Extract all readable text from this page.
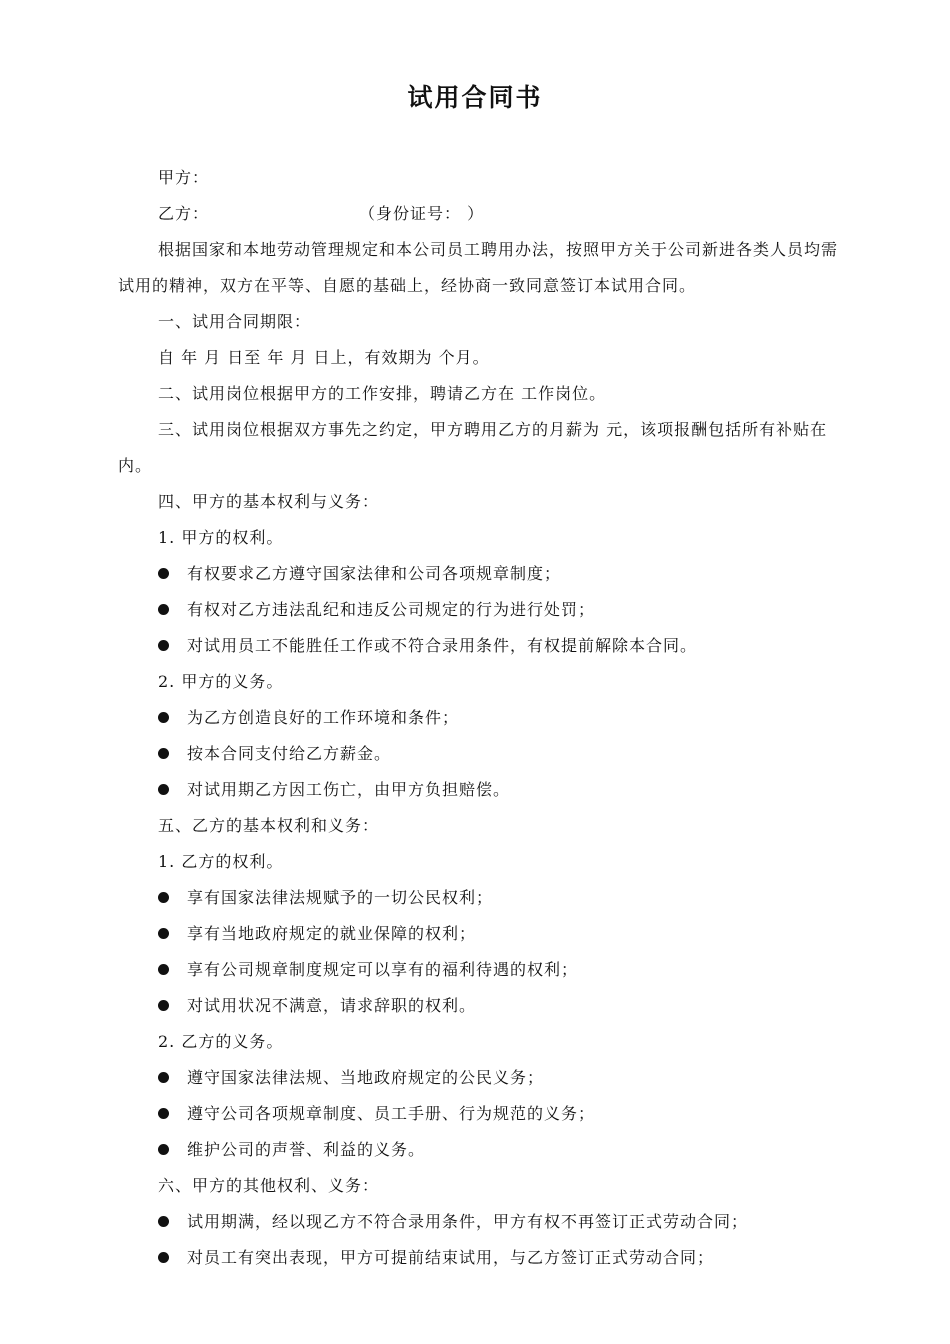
试用合同书

甲方：

乙方：	（身份证号： ）

根据国家和本地劳动管理规定和本公司员工聘用办法，按照甲方关于公司新进各类人员均需试用的精神，双方在平等、自愿的基础上，经协商一致同意签订本试用合同。

一、试用合同期限：

自 年 月 日至 年 月 日上，有效期为 个月。

二、试用岗位根据甲方的工作安排，聘请乙方在 工作岗位。

三、试用岗位根据双方事先之约定，甲方聘用乙方的月薪为 元，该项报酬包括所有补贴在内。

四、甲方的基本权利与义务：

1. 甲方的权利。

有权要求乙方遵守国家法律和公司各项规章制度；

有权对乙方违法乱纪和违反公司规定的行为进行处罚；

对试用员工不能胜任工作或不符合录用条件，有权提前解除本合同。

2. 甲方的义务。

为乙方创造良好的工作环境和条件；

按本合同支付给乙方薪金。

对试用期乙方因工伤亡，由甲方负担赔偿。

五、乙方的基本权利和义务：

1. 乙方的权利。

享有国家法律法规赋予的一切公民权利；

享有当地政府规定的就业保障的权利；

享有公司规章制度规定可以享有的福利待遇的权利；

对试用状况不满意，请求辞职的权利。

2. 乙方的义务。

遵守国家法律法规、当地政府规定的公民义务；

遵守公司各项规章制度、员工手册、行为规范的义务；

维护公司的声誉、利益的义务。

六、甲方的其他权利、义务：

试用期满，经以现乙方不符合录用条件，甲方有权不再签订正式劳动合同；

对员工有突出表现，甲方可提前结束试用，与乙方签订正式劳动合同；
